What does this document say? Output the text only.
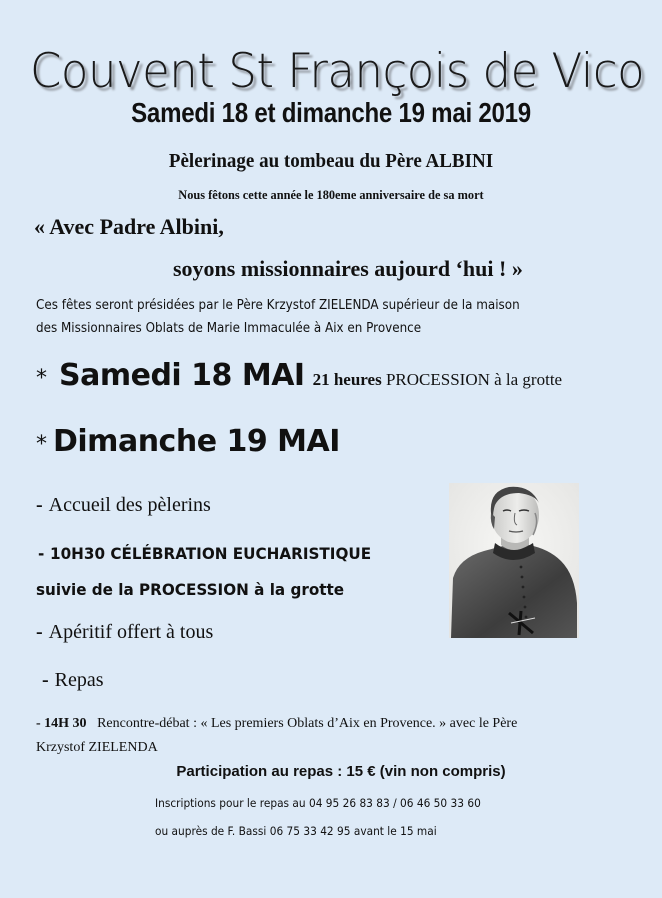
Couvent St François de Vico
Samedi 18 et dimanche 19 mai 2019
Pèlerinage au tombeau du Père ALBINI
Nous fêtons cette année le 180eme anniversaire de sa mort
« Avec Padre Albini,
soyons missionnaires aujourd ‘hui ! »
Ces fêtes seront présidées par le Père Krzystof ZIELENDA supérieur de la maison
des Missionnaires Oblats de Marie Immaculée à Aix en Provence
* Samedi 18 MAI 21 heures PROCESSION à la grotte
* Dimanche 19 MAI
- Accueil des pèlerins
- 10H30 CÉLÉBRATION EUCHARISTIQUE
suivie de la PROCESSION à la grotte
- Apéritif offert à tous
- Repas
- 14H 30 Rencontre-débat : « Les premiers Oblats d’Aix en Provence. » avec le Père
Krzystof ZIELENDA
Participation au repas : 15 € (vin non compris)
Inscriptions pour le repas au 04 95 26 83 83 / 06 46 50 33 60
ou auprès de F. Bassi 06 75 33 42 95 avant le 15 mai
